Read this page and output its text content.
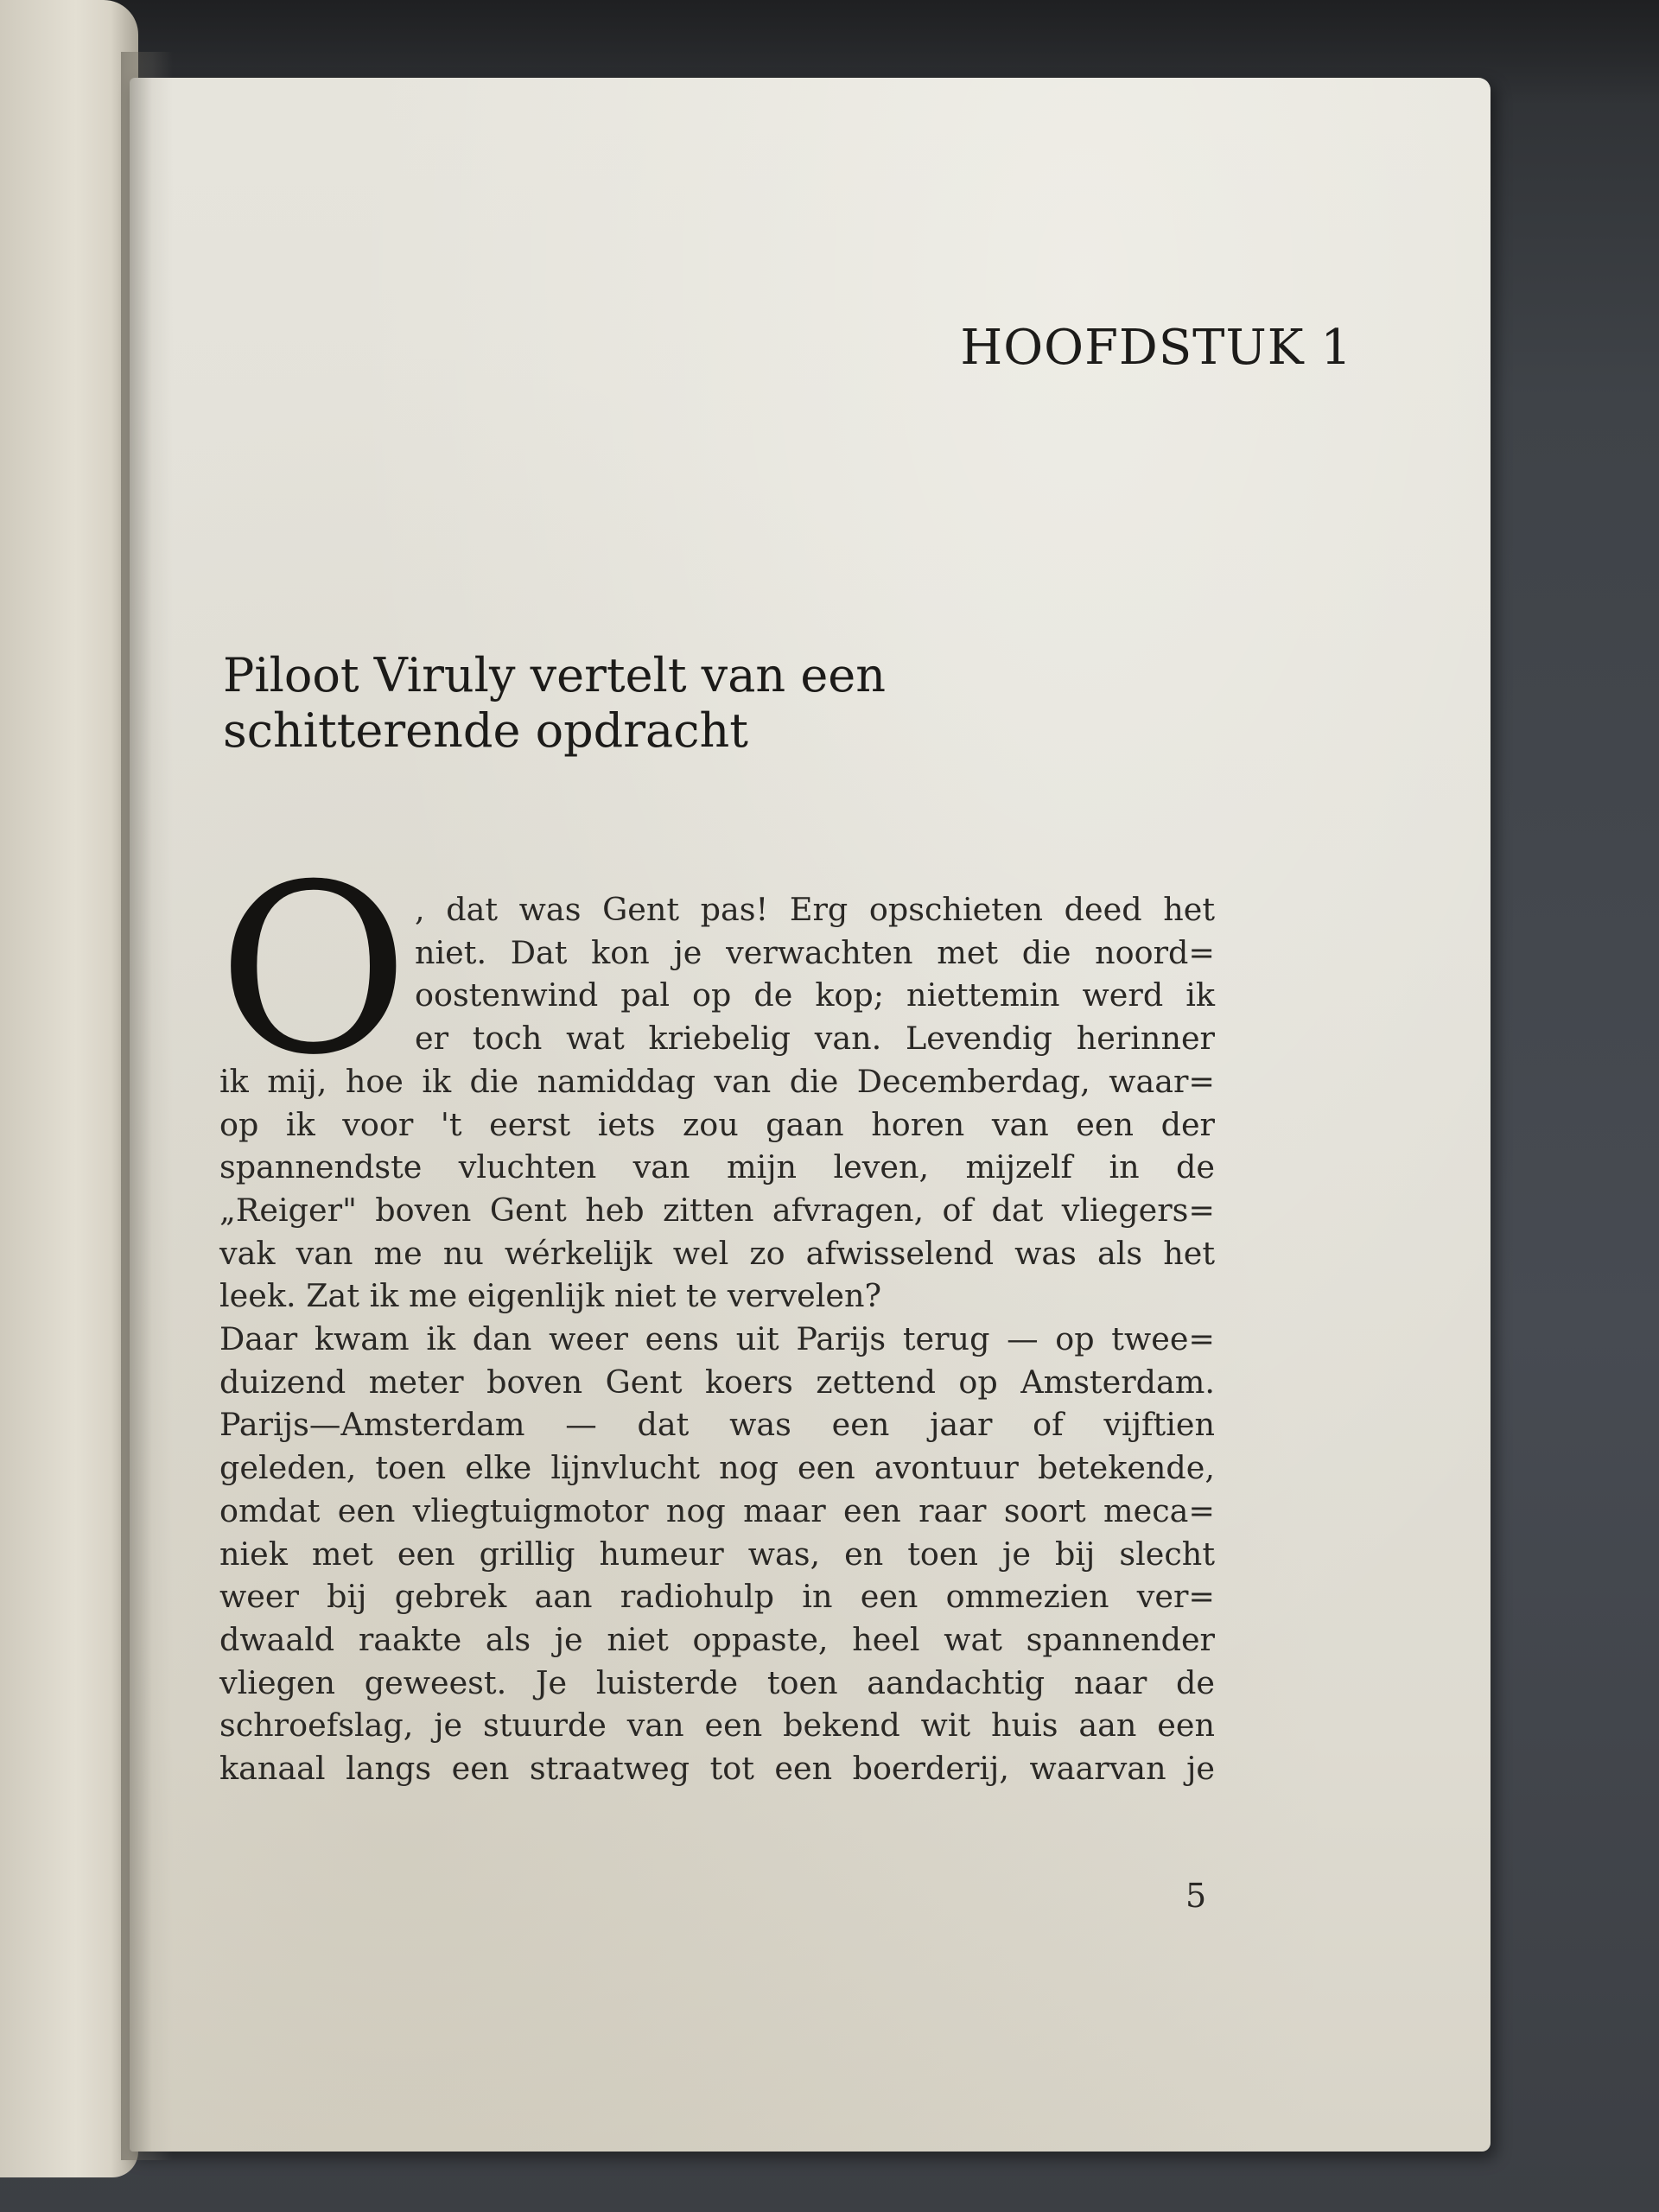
HOOFDSTUK 1
Piloot Viruly vertelt van een schitterende opdracht
O , dat was Gent pas! Erg opschieten deed het
niet. Dat kon je verwachten met die noord=
oostenwind pal op de kop; niettemin werd ik
er toch wat kriebelig van. Levendig herinner
ik mij, hoe ik die namiddag van die Decemberdag, waar=
op ik voor 't eerst iets zou gaan horen van een der
spannendste vluchten van mijn leven, mijzelf in de
„Reiger" boven Gent heb zitten afvragen, of dat vliegers=
vak van me nu wérkelijk wel zo afwisselend was als het
leek. Zat ik me eigenlijk niet te vervelen?
Daar kwam ik dan weer eens uit Parijs terug — op twee=
duizend meter boven Gent koers zettend op Amsterdam.
Parijs—Amsterdam — dat was een jaar of vijftien
geleden, toen elke lijnvlucht nog een avontuur betekende,
omdat een vliegtuigmotor nog maar een raar soort meca=
niek met een grillig humeur was, en toen je bij slecht
weer bij gebrek aan radiohulp in een ommezien ver=
dwaald raakte als je niet oppaste, heel wat spannender
vliegen geweest. Je luisterde toen aandachtig naar de
schroefslag, je stuurde van een bekend wit huis aan een
kanaal langs een straatweg tot een boerderij, waarvan je
5
